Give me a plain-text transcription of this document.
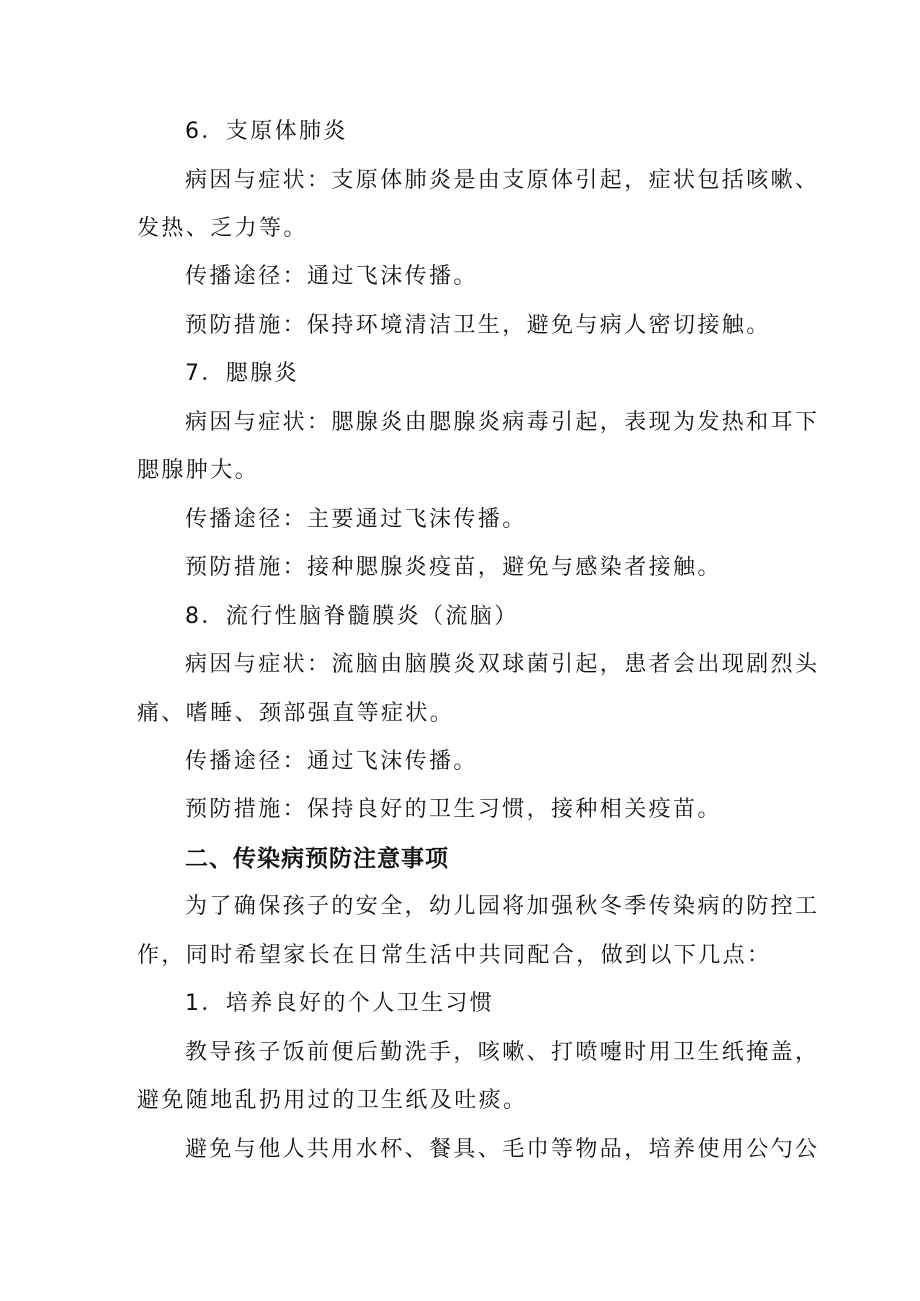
6．支原体肺炎
病因与症状：支原体肺炎是由支原体引起，症状包括咳嗽、
发热、乏力等。
传播途径：通过飞沫传播。
预防措施：保持环境清洁卫生，避免与病人密切接触。
7．腮腺炎
病因与症状：腮腺炎由腮腺炎病毒引起，表现为发热和耳下
腮腺肿大。
传播途径：主要通过飞沫传播。
预防措施：接种腮腺炎疫苗，避免与感染者接触。
8．流行性脑脊髓膜炎（流脑）
病因与症状：流脑由脑膜炎双球菌引起，患者会出现剧烈头
痛、嗜睡、颈部强直等症状。
传播途径：通过飞沫传播。
预防措施：保持良好的卫生习惯，接种相关疫苗。
二、传染病预防注意事项
为了确保孩子的安全，幼儿园将加强秋冬季传染病的防控工
作，同时希望家长在日常生活中共同配合，做到以下几点：
1．培养良好的个人卫生习惯
教导孩子饭前便后勤洗手，咳嗽、打喷嚏时用卫生纸掩盖，
避免随地乱扔用过的卫生纸及吐痰。
避免与他人共用水杯、餐具、毛巾等物品，培养使用公勺公
